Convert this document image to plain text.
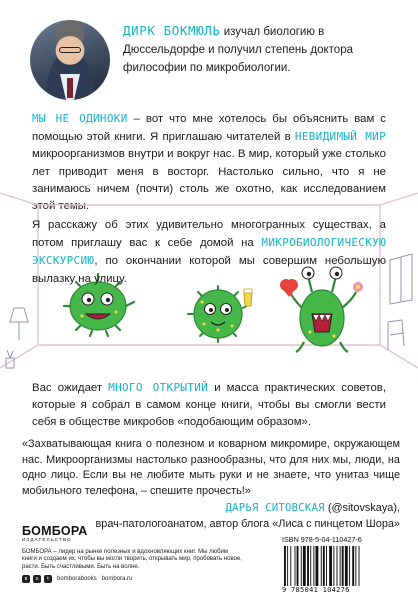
ДИРК БОКМЮЛЬ изучал биологию в Дюссельдорфе и получил степень доктора философии по микробиологии.
МЫ НЕ ОДИНОКИ – вот что мне хотелось бы объяснить вам с помощью этой книги. Я приглашаю читателей в НЕВИДИМЫЙ МИР микроорганизмов внутри и вокруг нас. В мир, который уже столько лет приводит меня в восторг. Настолько сильно, что я не занимаюсь ничем (почти) столь же охотно, как исследованием этой темы.
Я расскажу об этих удивительно многогранных существах, а потом приглашу вас к себе домой на МИКРОБИОЛОГИЧЕСКУЮ ЭКСКУРСИЮ, по окончании которой мы совершим небольшую вылазку на улицу.
Вас ожидает МНОГО ОТКРЫТИЙ и масса практических советов, которые я собрал в самом конце книги, чтобы вы смогли вести себя в обществе микробов «подобающим образом».
«Захватывающая книга о полезном и коварном микромире, окружающем нас. Микроорганизмы настолько разнообразны, что для них мы, люди, на одно лицо. Если вы не любите мыть руки и не знаете, что унитаз чище мобильного телефона, – спешите прочесть!»
ДАРЬЯ СИТОВСКАЯ (@sitovskaya),
врач-патологоанатом, автор блога «Лиса с пинцетом Шора»
БОМБОРА
ИЗДАТЕЛЬСТВО
БОМБОРА – лидер на рынке полезных и вдохновляющих книг. Мы любим книги и создаем их, чтобы вы могли творить, открывать мир, пробовать новое, расти. Быть счастливыми. Быть на волне.
в	о	t	bomborabooks bombora.ru
ISBN 978-5-04-110427-6
9 785041 104276
